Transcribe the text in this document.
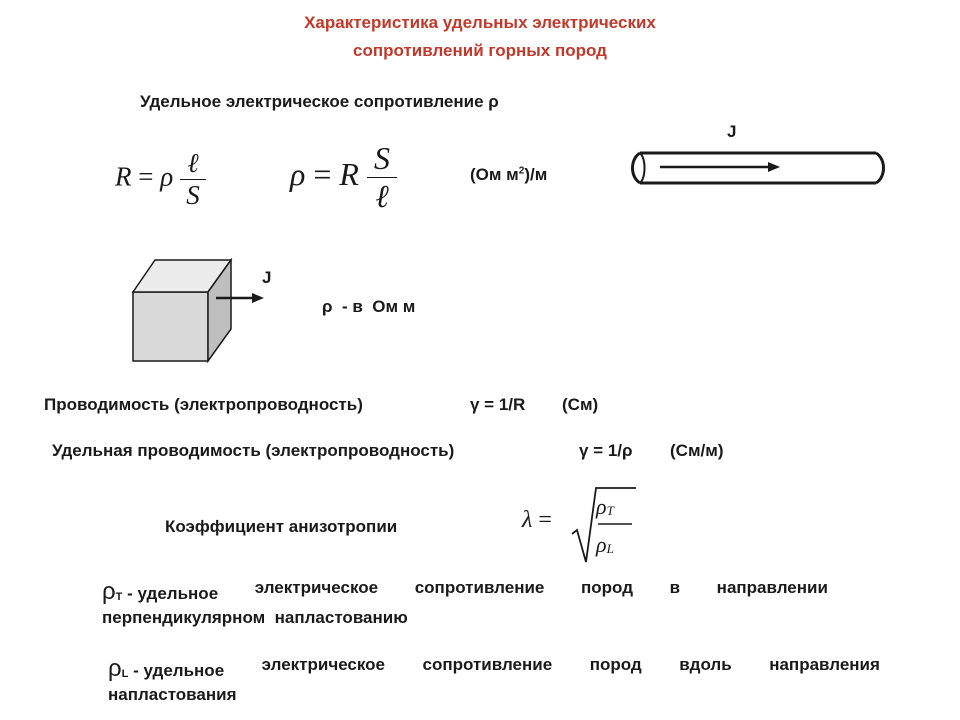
Характеристика удельных электрических
сопротивлений горных пород
Удельное электрическое сопротивление ρ
R = ρ $\frac{\text{ℓ}}{S}$	ρ = R $\frac{S}{\text{ℓ}}$	(Ом $м^2)/м$
J
J
ρ  - в  Ом м
Проводимость (электропроводность)	γ = 1/R (См)
Удельная проводимость (электропроводность)	γ = 1/ρ (См/м)
Коэффициент анизотропии	λ =
$\rho_T$
$\rho_L$
$\rho_T$ - удельное электрическое сопротивление пород в направлении
перпендикулярном  напластованию
$\rho_L$ - удельное электрическое сопротивление пород вдоль направления
напластования
